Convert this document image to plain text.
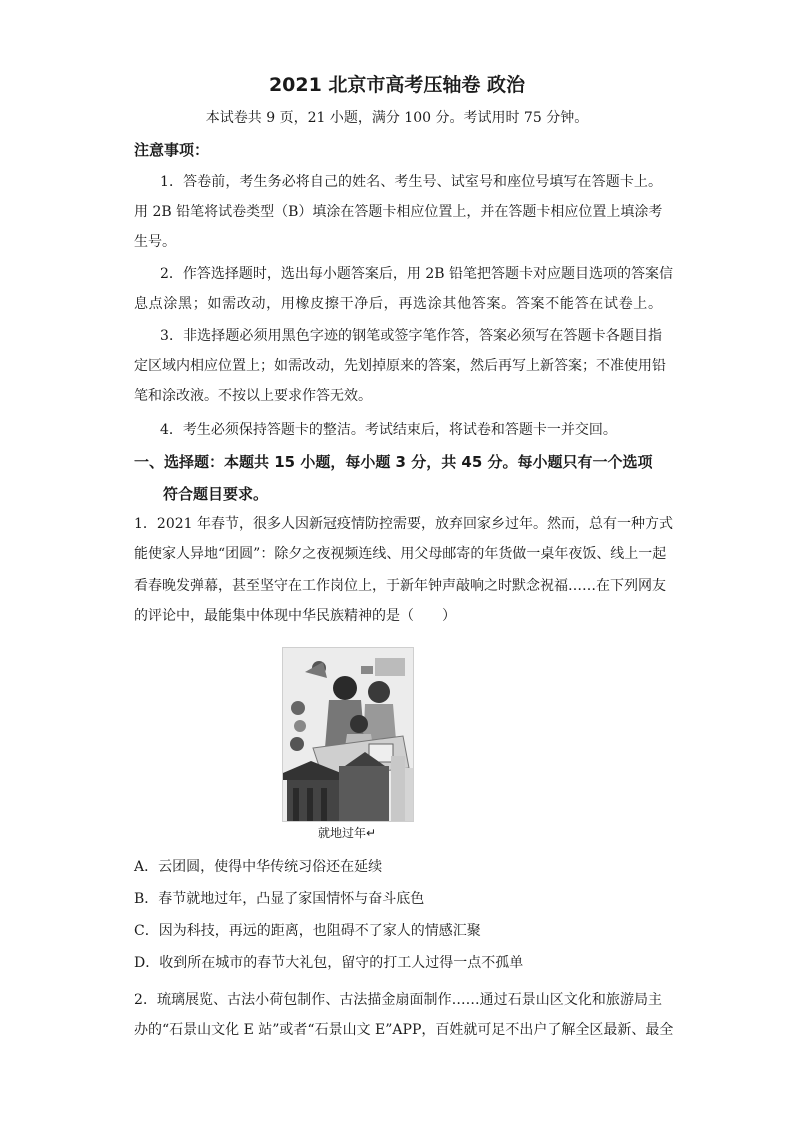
2021 北京市高考压轴卷 政治
本试卷共 9 页，21 小题，满分 100 分。考试用时 75 分钟。
注意事项：
1．答卷前，考生务必将自己的姓名、考生号、试室号和座位号填写在答题卡上。
用 2B 铅笔将试卷类型（B）填涂在答题卡相应位置上，并在答题卡相应位置上填涂考
生号。
2．作答选择题时，选出每小题答案后，用 2B 铅笔把答题卡对应题目选项的答案信
息点涂黑；如需改动，用橡皮擦干净后，再选涂其他答案。答案不能答在试卷上。
3．非选择题必须用黑色字迹的钢笔或签字笔作答，答案必须写在答题卡各题目指
定区域内相应位置上；如需改动，先划掉原来的答案，然后再写上新答案；不准使用铅
笔和涂改液。不按以上要求作答无效。
4．考生必须保持答题卡的整洁。考试结束后，将试卷和答题卡一并交回。
一、选择题：本题共 15 小题，每小题 3 分，共 45 分。每小题只有一个选项
符合题目要求。
1．2021 年春节，很多人因新冠疫情防控需要，放弃回家乡过年。然而，总有一种方式
能使家人异地“团圆”：除夕之夜视频连线、用父母邮寄的年货做一桌年夜饭、线上一起
看春晚发弹幕，甚至坚守在工作岗位上，于新年钟声敲响之时默念祝福……在下列网友
的评论中，最能集中体现中华民族精神的是（　　）
就地过年↵
A．云团圆，使得中华传统习俗还在延续
B．春节就地过年，凸显了家国情怀与奋斗底色
C．因为科技，再远的距离，也阻碍不了家人的情感汇聚
D．收到所在城市的春节大礼包，留守的打工人过得一点不孤单
2．琉璃展览、古法小荷包制作、古法描金扇面制作……通过石景山区文化和旅游局主
办的“石景山文化 E 站”或者“石景山文 E”APP，百姓就可足不出户了解全区最新、最全
